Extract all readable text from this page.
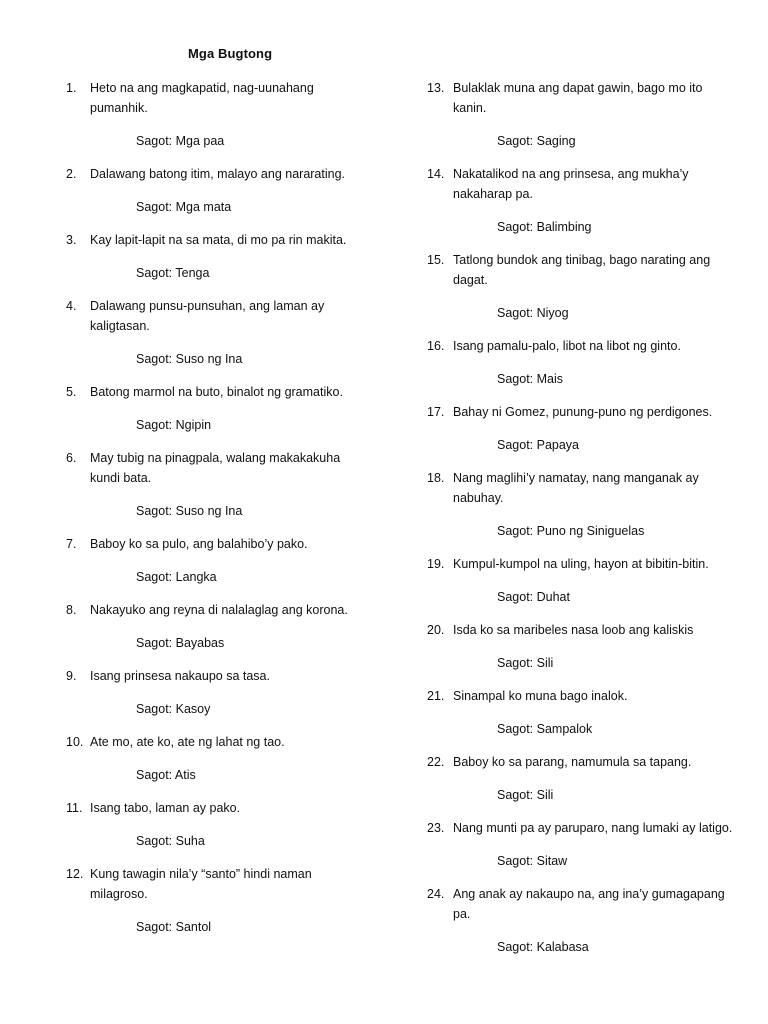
Mga Bugtong
1.	Heto na ang magkapatid, nag-uunahang pumanhik.
Sagot: Mga paa
2.	Dalawang batong itim, malayo ang nararating.
Sagot: Mga mata
3.	Kay lapit-lapit na sa mata, di mo pa rin makita.
Sagot: Tenga
4.	Dalawang punsu-punsuhan, ang laman ay kaligtasan.
Sagot: Suso ng Ina
5.	Batong marmol na buto, binalot ng gramatiko.
Sagot: Ngipin
6.	May tubig na pinagpala, walang makakakuha kundi bata.
Sagot: Suso ng Ina
7.	Baboy ko sa pulo, ang balahibo’y pako.
Sagot: Langka
8.	Nakayuko ang reyna di nalalaglag ang korona.
Sagot: Bayabas
9.	Isang prinsesa nakaupo sa tasa.
Sagot: Kasoy
10. Ate mo, ate ko, ate ng lahat ng tao.
Sagot: Atis
11. Isang tabo, laman ay pako.
Sagot: Suha
12. Kung tawagin nila’y “santo” hindi naman milagroso.
Sagot: Santol
13. Bulaklak muna ang dapat gawin, bago mo ito kanin.
Sagot: Saging
14. Nakatalikod na ang prinsesa, ang mukha’y nakaharap pa.
Sagot: Balimbing
15. Tatlong bundok ang tinibag, bago narating ang dagat.
Sagot: Niyog
16. Isang pamalu-palo, libot na libot ng ginto.
Sagot: Mais
17. Bahay ni Gomez, punung-puno ng perdigones.
Sagot: Papaya
18. Nang maglihi’y namatay, nang manganak ay nabuhay.
Sagot: Puno ng Siniguelas
19. Kumpul-kumpol na uling, hayon at bibitin-bitin.
Sagot: Duhat
20. Isda ko sa maribeles nasa loob ang kaliskis
Sagot: Sili
21. Sinampal ko muna bago inalok.
Sagot: Sampalok
22. Baboy ko sa parang, namumula sa tapang.
Sagot: Sili
23. Nang munti pa ay paruparo, nang lumaki ay latigo.
Sagot: Sitaw
24. Ang anak ay nakaupo na, ang ina’y gumagapang pa.
Sagot: Kalabasa
